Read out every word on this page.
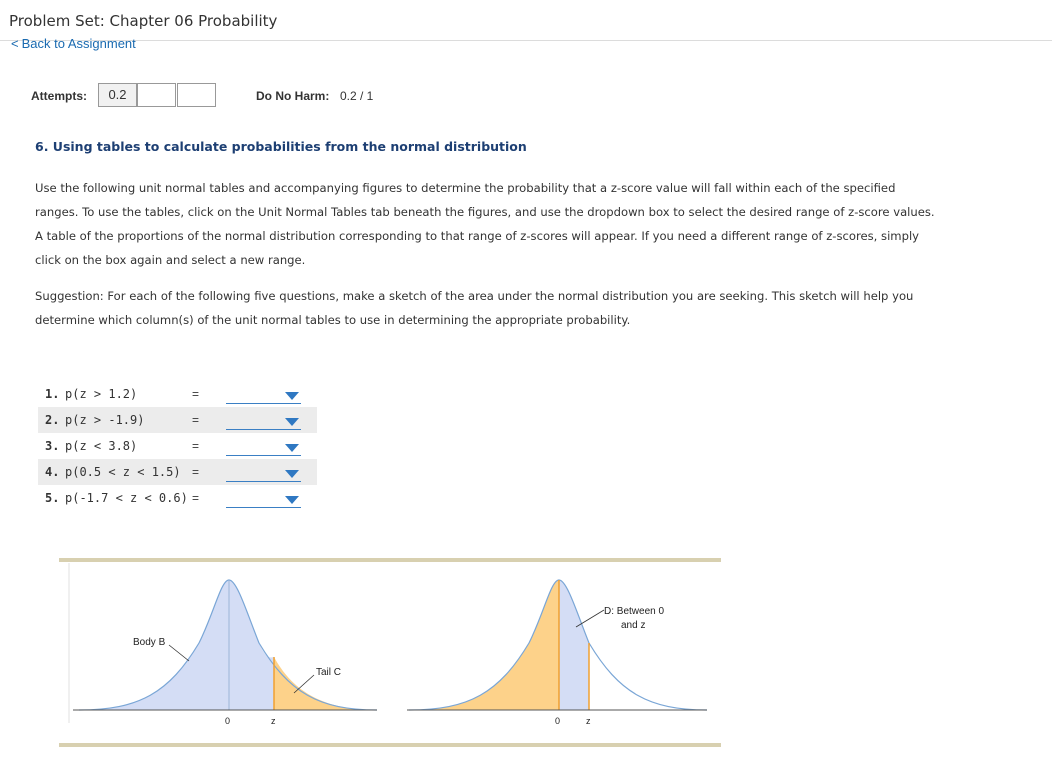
Problem Set: Chapter 06 Probability
< Back to Assignment
Attempts:	0.2	Do No Harm: 0.2 / 1
6. Using tables to calculate probabilities from the normal distribution
Use the following unit normal tables and accompanying figures to determine the probability that a z-score value will fall within each of the specified ranges. To use the tables, click on the Unit Normal Tables tab beneath the figures, and use the dropdown box to select the desired range of z-score values. A table of the proportions of the normal distribution corresponding to that range of z-scores will appear. If you need a different range of z-scores, simply click on the box again and select a new range.
Suggestion: For each of the following five questions, make a sketch of the area under the normal distribution you are seeking. This sketch will help you determine which column(s) of the unit normal tables to use in determining the appropriate probability.
1. p(z > 1.2)	=
2. p(z > -1.9)	=
3. p(z < 3.8)	=
4. p(0.5 < z < 1.5) =
5. p(-1.7 < z < 0.6) =
Body B
Tail C
0	z
D: Between 0
and z
0	z
